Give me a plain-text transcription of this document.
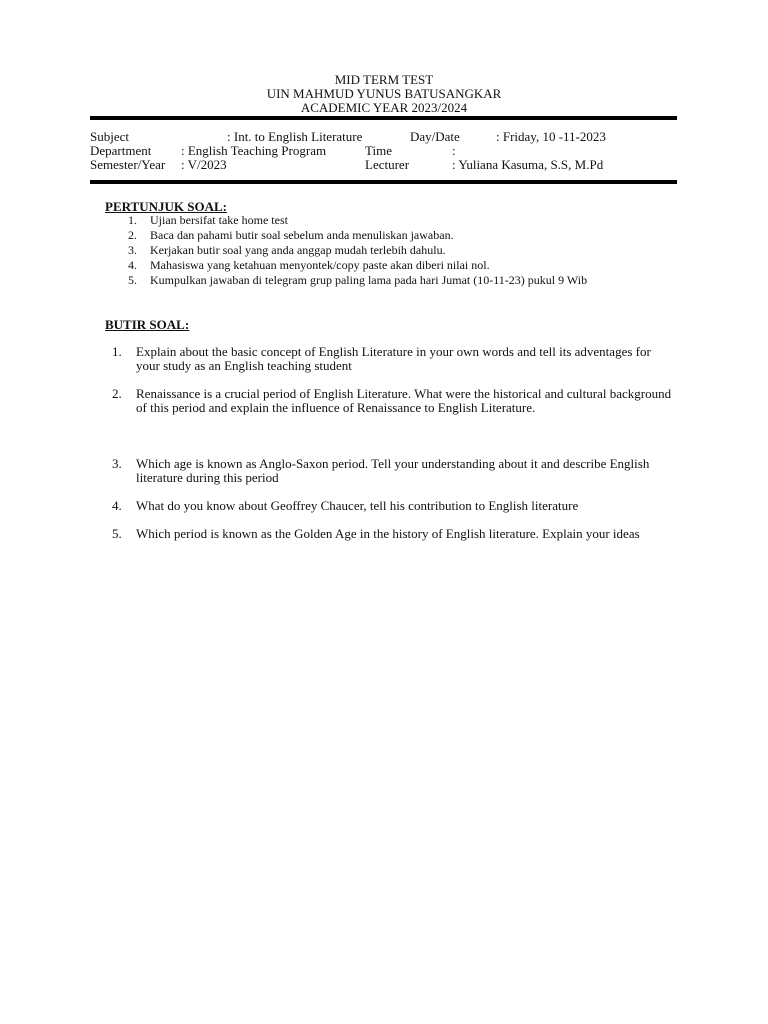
MID TERM TEST
UIN MAHMUD YUNUS BATUSANGKAR
ACADEMIC YEAR 2023/2024
Subject	: Int. to English Literature	Day/Date	: Friday, 10 -11-2023
Department : English Teaching Program	Time	:
Semester/Year : V/2023	Lecturer	: Yuliana Kasuma, S.S, M.Pd
PERTUNJUK SOAL:
1. Ujian bersifat take home test
2. Baca dan pahami butir soal sebelum anda menuliskan jawaban.
3. Kerjakan butir soal yang anda anggap mudah terlebih dahulu.
4. Mahasiswa yang ketahuan menyontek/copy paste akan diberi nilai nol.
5. Kumpulkan jawaban di telegram grup paling lama pada hari Jumat (10-11-23) pukul 9 Wib
BUTIR SOAL:
1. Explain about the basic concept of English Literature in your own words and tell its adventages for your study as an English teaching student
2. Renaissance is a crucial period of English Literature. What were the historical and cultural background of this period and explain the influence of Renaissance to English Literature.
3. Which age is known as Anglo-Saxon period. Tell your understanding about it and describe English literature during this period
4. What do you know about Geoffrey Chaucer, tell his contribution to English literature
5. Which period is known as the Golden Age in the history of English literature. Explain your ideas
